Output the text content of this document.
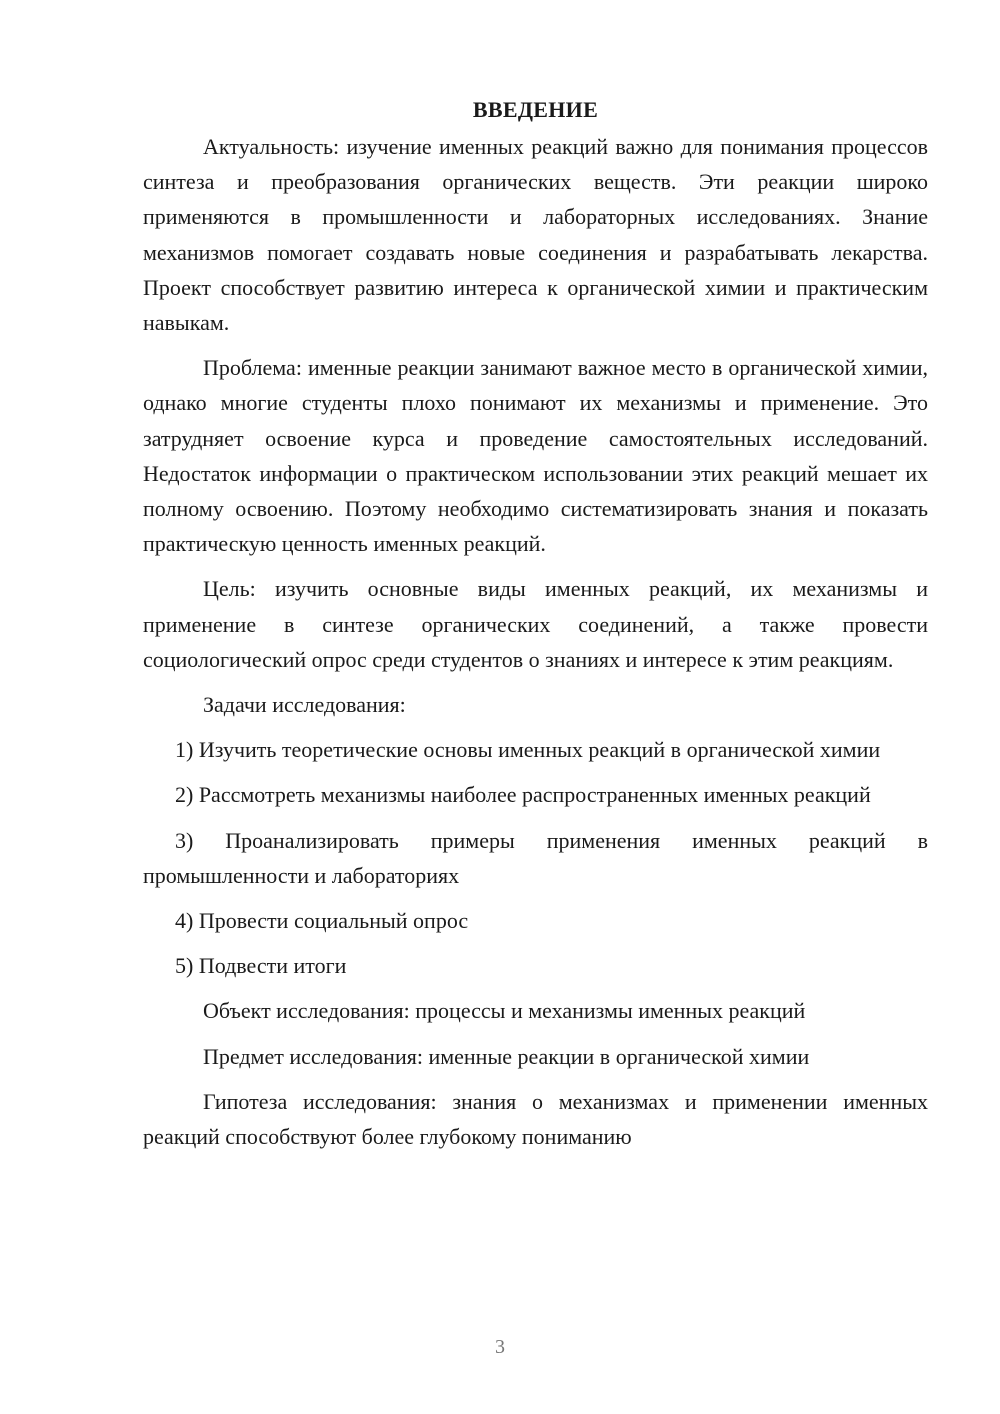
ВВЕДЕНИЕ

Актуальность: изучение именных реакций важно для понимания процессов синтеза и преобразования органических веществ. Эти реакции широко применяются в промышленности и лабораторных исследованиях. Знание механизмов помогает создавать новые соединения и разрабатывать лекарства. Проект способствует развитию интереса к органической химии и практическим навыкам.

Проблема: именные реакции занимают важное место в органической химии, однако многие студенты плохо понимают их механизмы и применение. Это затрудняет освоение курса и проведение самостоятельных исследований. Недостаток информации о практическом использовании этих реакций мешает их полному освоению. Поэтому необходимо систематизировать знания и показать практическую ценность именных реакций.

Цель: изучить основные виды именных реакций, их механизмы и применение в синтезе органических соединений, а также провести социологический опрос среди студентов о знаниях и интересе к этим реакциям.

Задачи исследования:

1) Изучить теоретические основы именных реакций в органической химии

2) Рассмотреть механизмы наиболее распространенных именных реакций

3) Проанализировать примеры применения именных реакций в промышленности и лабораториях

4) Провести социальный опрос

5) Подвести итоги

Объект исследования: процессы и механизмы именных реакций

Предмет исследования: именные реакции в органической химии

Гипотеза исследования: знания о механизмах и применении именных реакций способствуют более глубокому пониманию

3
